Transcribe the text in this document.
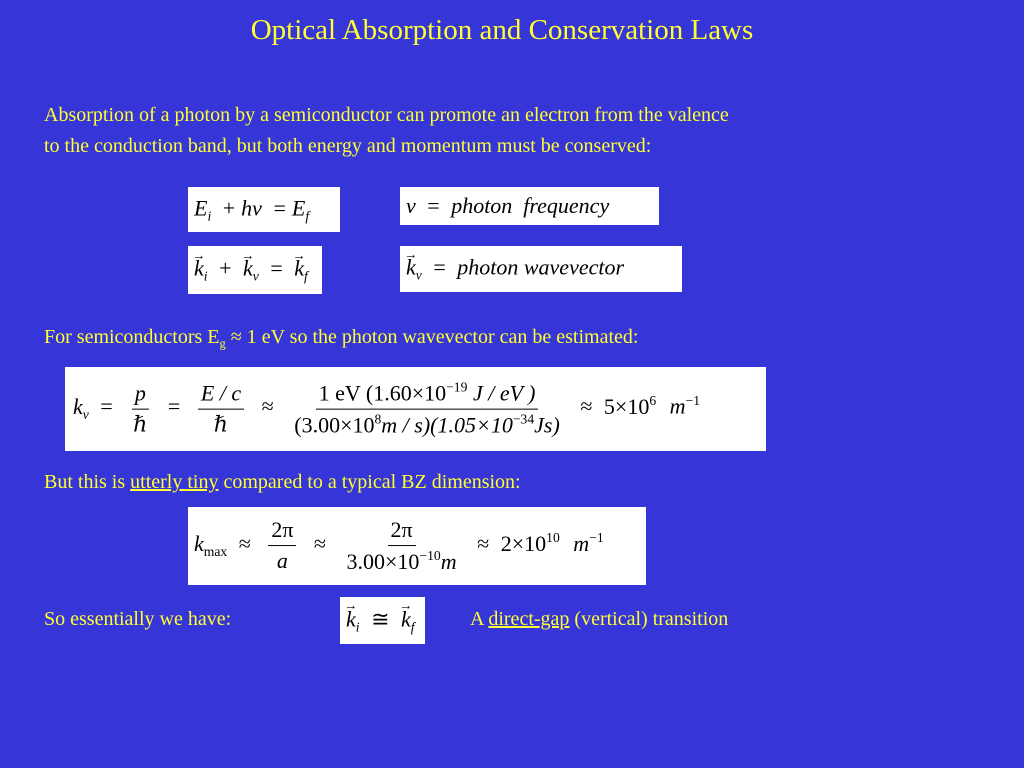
Optical Absorption and Conservation Laws
Absorption of a photon by a semiconductor can promote an electron from the valence
to the conduction band, but both energy and momentum must be conserved:
$E_i + h\nu = E_f$	ν = photon  frequency
→ $k_i$ + → $k_\nu$ = → $k_f$	→ $k_\nu$ = photon wavevector
For semiconductors $E_g \approx 1$ eV so the photon wavevector can be estimated:
$k_\nu = \frac{p}{\text{ℏ}} = \frac{E / c}{\text{ℏ}} \approx \frac{1 eV (1.60\times 10^{-19} J / eV )}{(3.00\times 10^8m / s)(1.05\times 10^{-34}Js)} \approx 5\times 10^6$ $m^{-1}$
But this is utterly tiny compared to a typical BZ dimension:
$k_{max} \approx \frac{2\pi}{a} \approx \frac{2\pi}{3.00\times 10^{-10}m} \approx 2\times 10^{10}$ $m^{-1}$
So essentially we have:	→ $k_i$ ≅ → $k_f$	A direct-gap (vertical) transition
